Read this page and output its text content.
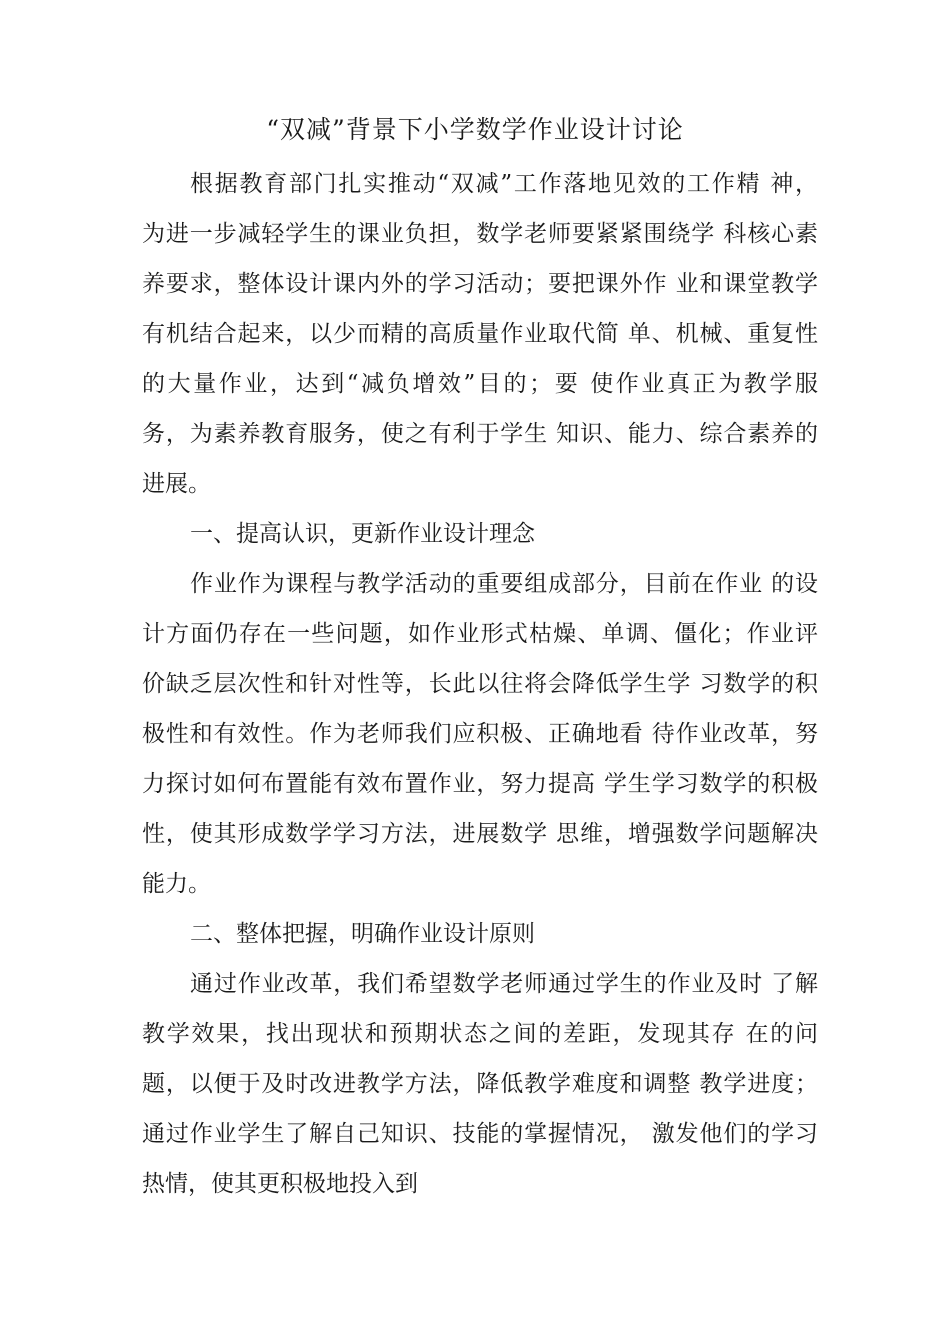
“双减”背景下小学数学作业设计讨论
根据教育部门扎实推动“双减”工作落地见效的工作精 神，
为进一步减轻学生的课业负担，数学老师要紧紧围绕学 科核心素
养要求，整体设计课内外的学习活动；要把课外作 业和课堂教学
有机结合起来，以少而精的高质量作业取代简 单、机械、重复性
的大量作业，达到“减负增效”目的；要 使作业真正为教学服
务，为素养教育服务，使之有利于学生 知识、能力、综合素养的
进展。
一、提高认识，更新作业设计理念
作业作为课程与教学活动的重要组成部分，目前在作业 的设
计方面仍存在一些问题，如作业形式枯燥、单调、僵化；作业评
价缺乏层次性和针对性等，长此以往将会降低学生学 习数学的积
极性和有效性。作为老师我们应积极、正确地看 待作业改革，努
力探讨如何布置能有效布置作业，努力提高 学生学习数学的积极
性，使其形成数学学习方法，进展数学 思维，增强数学问题解决
能力。
二、整体把握，明确作业设计原则
通过作业改革，我们希望数学老师通过学生的作业及时 了解
教学效果，找出现状和预期状态之间的差距，发现其存 在的问
题，以便于及时改进教学方法，降低教学难度和调整 教学进度；
通过作业学生了解自己知识、技能的掌握情况， 激发他们的学习
热情，使其更积极地投入到
